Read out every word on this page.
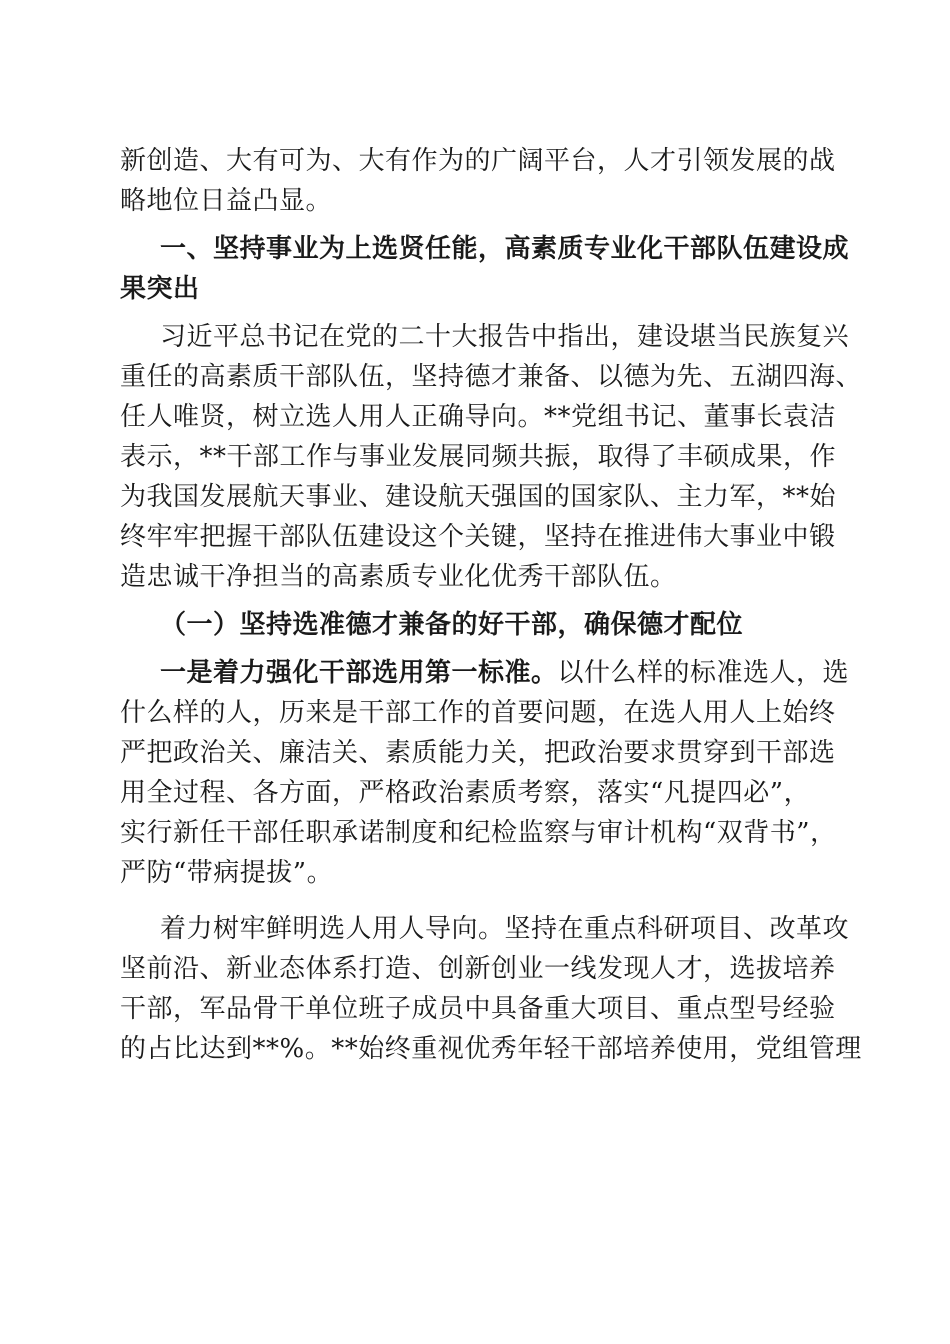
新创造、大有可为、大有作为的广阔平台，人才引领发展的战
略地位日益凸显。
一、坚持事业为上选贤任能，高素质专业化干部队伍建设成
果突出
习近平总书记在党的二十大报告中指出，建设堪当民族复兴
重任的高素质干部队伍，坚持德才兼备、以德为先、五湖四海、
任人唯贤，树立选人用人正确导向。**党组书记、董事长袁洁
表示，**干部工作与事业发展同频共振，取得了丰硕成果，作
为我国发展航天事业、建设航天强国的国家队、主力军，**始
终牢牢把握干部队伍建设这个关键，坚持在推进伟大事业中锻
造忠诚干净担当的高素质专业化优秀干部队伍。
（一）坚持选准德才兼备的好干部，确保德才配位
一是着力强化干部选用第一标准。以什么样的标准选人，选
什么样的人，历来是干部工作的首要问题，在选人用人上始终
严把政治关、廉洁关、素质能力关，把政治要求贯穿到干部选
用全过程、各方面，严格政治素质考察，落实“凡提四必”，
实行新任干部任职承诺制度和纪检监察与审计机构“双背书”，
严防“带病提拔”。
着力树牢鲜明选人用人导向。坚持在重点科研项目、改革攻
坚前沿、新业态体系打造、创新创业一线发现人才，选拔培养
干部，军品骨干单位班子成员中具备重大项目、重点型号经验
的占比达到**%。**始终重视优秀年轻干部培养使用，党组管理
